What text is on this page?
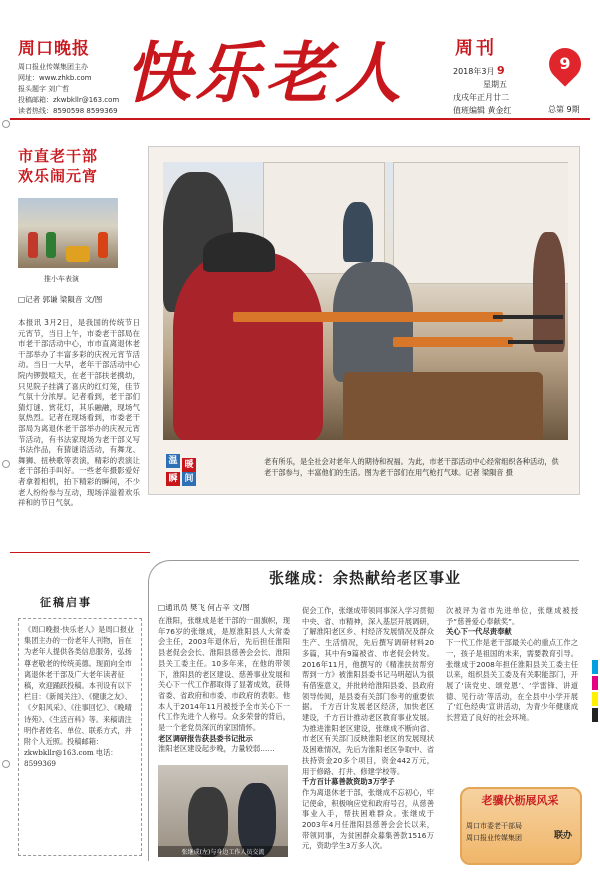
周口晚报
周口报业传媒集团主办
网址：www.zhkb.com
报头题字 刘广哲
投稿邮箱：zkwbkllr@163.com
读者热线：8590598 8599369 快乐老人	周刊
2018年3月 9
星期五
戊戌年正月廿二
值班编辑 黄金红
9
总第 9期
市直老干部
欢乐闹元宵
推小车表演
□记者 郭谦 梁隕音 文/图
本报讯 3月2日，是我国的传统节日元宵节，当日上午，市委老干部局在市老干部活动中心，市市直离退休老干部举办了丰富多彩的庆祝元宵节活动。当日一大早，老年干部活动中心院内锣鼓喧天，在老干部扶老携幼，只见院子挂满了喜庆的红灯笼，佳节气氛十分浓厚。记者看到，老干部们猜灯谜、赏花灯，其乐融融，现场气氛热烈。记者在现场看到，市委老干部局为离退休老干部举办的庆祝元宵节活动，有书法家现场为老干部义写书法作品，有猜谜语活动，有舞龙、舞狮、扭秧歌等表演，精彩的表演让老干部拍手叫好。一些老年摄影爱好者拿着相机，拍下精彩的瞬间，不少老人纷纷参与互动，现场洋溢着欢乐祥和的节日气氛。
温 暖
瞬 间
老有所乐，是全社会对老年人的期待和祝福。为此，市老干部活动中心经常组织各种活动，供老干部参与，丰富他们的生活。图为老干部们在用气枪打气球。记者 梁隕音 摄
征稿启事
《周口晚报·快乐老人》是周口报业集团主办的一份老年人刊物，旨在为老年人提供各类信息服务，弘扬尊老敬老的传统美德。现面向全市离退休老干部及广大老年读者征稿，欢迎踊跃投稿。本刊设有以下栏目：《新闻关注》、《健康之友》、《夕阳风采》、《往事回忆》、《晚晴诗苑》、《生活百科》等。来稿请注明作者姓名、单位、联系方式，并附个人近照。投稿邮箱：zkwbkllr@163.com 电话：8599369
张继成：余热献给老区事业
□通讯员 樊飞 何占辛 文/图
在淮阳，张继成是老干部的一面旗帜，现年76岁的张继成，是原淮阳县人大常委会主任，2003年退休后，先后担任淮阳县老促会会长、淮阳县慈善会会长、淮阳县关工委主任。10多年来，在他的带领下，淮阳县的老区建设、慈善事业发展和关心下一代工作都取得了显著成效，获得省委、省政府和市委、市政府的表彰。他本人于2014年11月被授予全市关心下一代工作先进个人称号。众多荣誉的背后，是一个老党员深沉的家国情怀。
老区调研报告获县委书记批示
淮阳老区建设起步晚，力量较弱……
张继成(左)与身边工作人员交流
促会工作，张继成带领同事深入学习贯彻中央、省、市精神，深入基层开展调研，了解淮阳老区乡、村经济发展情况及群众生产、生活情况，先后撰写调研材料20多篇，其中有9篇被省、市老促会转发。2016年11月，他撰写的《精准扶贫帮穷帮到一方》被淮阳县委书记马明超认为很有借鉴意义，并批转给淮阳县委、县政府领导传阅，是县委有关部门参考的重要依据。 千方百计发展老区经济，加快老区建设，千方百计推动老区教育事业发展。 为推进淮阳老区建设，张继成不断向省、市老区有关部门反映淮阳老区的发展现状及困难情况，先后为淮阳老区争取中、省扶持资金20多个项目，资金442万元，用于修路、打井、修建学校等。
千方百计募善款资助3万学子
作为离退休老干部，张继成不忘初心，牢记使命，积极响应党和政府号召，从慈善事业入手，帮扶困难群众。张继成于2003年4月任淮阳县慈善会会长以来，带领同事，为贫困群众募集善款1516万元，资助学生3万多人次。
次被评为省市先进单位，张继成被授予“慈善爱心奉献奖”。
关心下一代尽责奉献
下一代工作是老干部最关心的重点工作之一，孩子是祖国的未来，需要教育引导。张继成于2008年担任淮阳县关工委主任以来，组织县关工委及有关职能部门，开展了‘读党史、颂党恩’、‘学雷锋、讲道德、见行动’等活动，在全县中小学开展了‘红色经典’宣讲活动，为青少年健康成长营造了良好的社会环境。
老骥伏枥展风采
周口市委老干部局
周口报业传媒集团	联办
